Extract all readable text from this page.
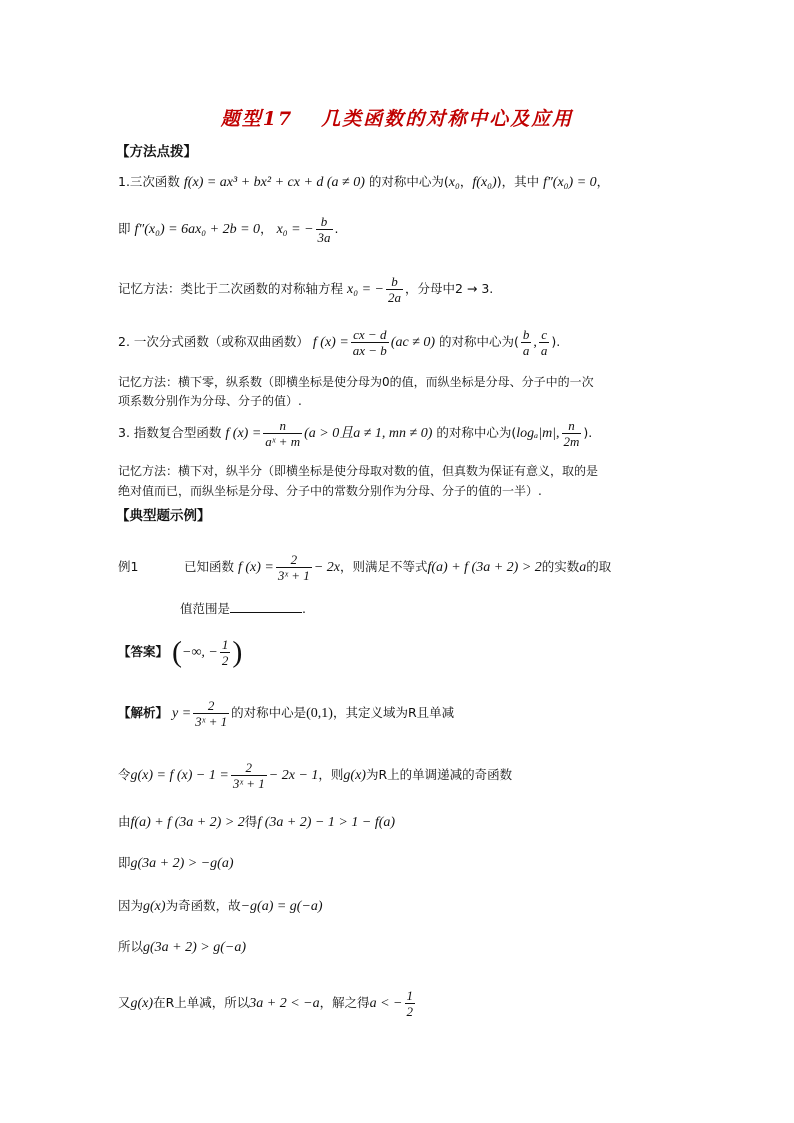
题型17 几类函数的对称中心及应用
【方法点拨】
1.三次函数 f(x) = ax³ + bx² + cx + d (a ≠ 0) 的对称中心为(x₀，f(x₀))，其中 f″(x₀) = 0，
即 f″(x₀) = 6ax₀ + 2b = 0， x₀ = − $\frac{b}{3a}$ .
记忆方法：类比于二次函数的对称轴方程 x₀ = − $\frac{b}{2a}$ ，分母中2 → 3.
2. 一次分式函数（或称双曲函数） f $(x) = \frac{cx - d}{ax - b} (ac \ne 0)$ 的对称中心为( $\frac{b}{a}$ , $\frac{c}{a}$ ).
记忆方法：横下零，纵系数（即横坐标是使分母为0的值，而纵坐标是分母、分子中的一次
项系数分别作为分母、分子的值）.
3. 指数复合型函数 f $(x) = \frac{n}{\text{aˣ + m}} (a > 0$且a ≠ 1, mn ≠ 0) 的对称中心为(logₐ|m|, $\frac{n}{2m}$ ).
记忆方法：横下对，纵半分（即横坐标是使分母取对数的值，但真数为保证有意义，取的是
绝对值而已，而纵坐标是分母、分子中的常数分别作为分母、分子的值的一半）.
【典型题示例】
例1	已知函数 f $(x) = \frac{2}{\text{3ˣ + 1}} - 2x$，则满足不等式f(a) + f (3a + 2) > 2的实数a的取
值范围是	.
【答案】 (−∞, − $\frac{1}{2}$ )
【解析】 $y = \frac{2}{\text{3ˣ + 1}}$ 的对称中心是(0,1)，其定义域为R且单减
令g(x) = f $(x) - 1 = \frac{2}{\text{3ˣ + 1}} - 2x - 1$，则g(x)为R上的单调递减的奇函数
由f(a) + f (3a + 2) > 2得f (3a + 2) − 1 > 1 − f(a)
即g(3a + 2) > −g(a)
因为g(x)为奇函数，故−g(a) = g(−a)
所以g(3a + 2) > g(−a)
又g(x)在R上单减，所以3a + 2 < −a，解之得a < − $\frac{1}{2}$
